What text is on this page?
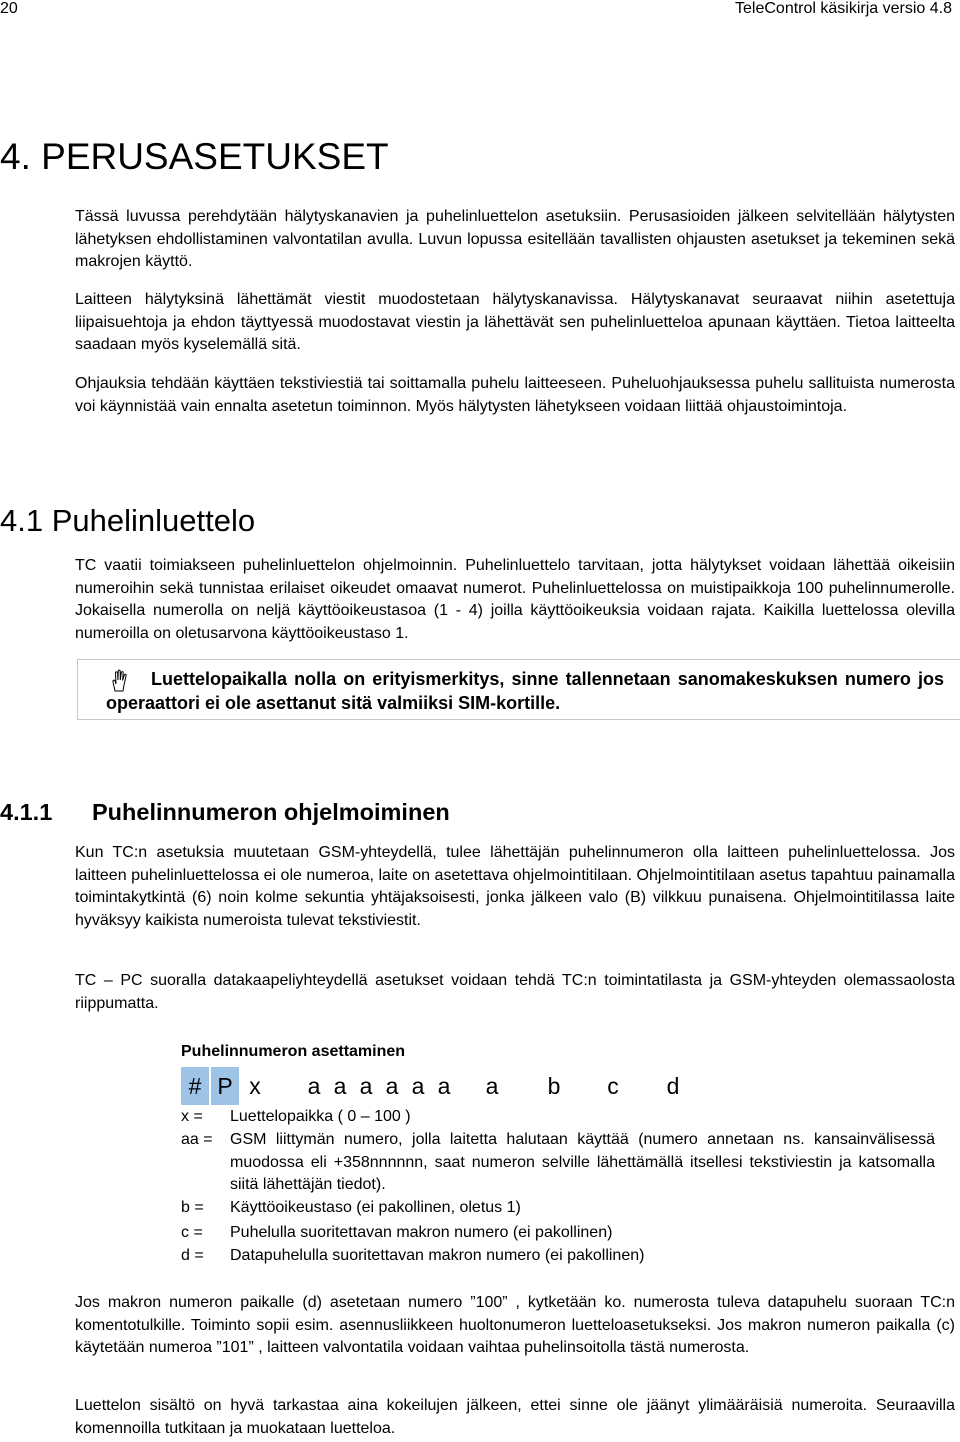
20	TeleControl käsikirja versio 4.8
4. PERUSASETUKSET
Tässä luvussa perehdytään hälytyskanavien ja puhelinluettelon asetuksiin. Perusasioiden jälkeen selvitellään hälytysten lähetyksen ehdollistaminen valvontatilan avulla. Luvun lopussa esitellään tavallisten ohjausten asetukset ja tekeminen sekä makrojen käyttö.
Laitteen hälytyksinä lähettämät viestit muodostetaan hälytyskanavissa. Hälytyskanavat seuraavat niihin asetettuja liipaisuehtoja ja ehdon täyttyessä muodostavat viestin ja lähettävät sen puhelinluetteloa apunaan käyttäen. Tietoa laitteelta saadaan myös kyselemällä sitä.
Ohjauksia tehdään käyttäen tekstiviestiä tai soittamalla puhelu laitteeseen. Puheluohjauksessa puhelu sallituista numerosta voi käynnistää vain ennalta asetetun toiminnon. Myös hälytysten lähetykseen voidaan liittää ohjaustoimintoja.
4.1 Puhelinluettelo
TC vaatii toimiakseen puhelinluettelon ohjelmoinnin. Puhelinluettelo tarvitaan, jotta hälytykset voidaan lähettää oikeisiin numeroihin sekä tunnistaa erilaiset oikeudet omaavat numerot. Puhelinluettelossa on muistipaikkoja 100 puhelinnumerolle. Jokaisella numerolla on neljä käyttöoikeustasoa (1 - 4) joilla käyttöoikeuksia voidaan rajata. Kaikilla luettelossa olevilla numeroilla on oletusarvona käyttöoikeustaso 1.
Luettelopaikalla nolla on erityismerkitys, sinne tallennetaan sanomakeskuksen numero jos operaattori ei ole asettanut sitä valmiiksi SIM-kortille.
4.1.1 Puhelinnumeron ohjelmoiminen
Kun TC:n asetuksia muutetaan GSM-yhteydellä, tulee lähettäjän puhelinnumeron olla laitteen puhelinluettelossa. Jos laitteen puhelinluettelossa ei ole numeroa, laite on asetettava ohjelmointitilaan. Ohjelmointitilaan asetus tapahtuu painamalla toimintakytkintä (6) noin kolme sekuntia yhtäjaksoisesti, jonka jälkeen valo (B) vilkkuu punaisena. Ohjelmointitilassa laite hyväksyy kaikista numeroista tulevat tekstiviestit.
TC – PC suoralla datakaapeliyhteydellä asetukset voidaan tehdä TC:n toimintatilasta ja GSM-yhteyden olemassaolosta riippumatta.
Puhelinnumeron asettaminen
# P x a a a a a a a b c d
x =	Luettelopaikka ( 0 – 100 )
aa =	GSM liittymän numero, jolla laitetta halutaan käyttää (numero annetaan ns. kansainvälisessä muodossa eli +358nnnnnn, saat numeron selville lähettämällä itsellesi tekstiviestin ja katsomalla siitä lähettäjän tiedot).
b =	Käyttöoikeustaso (ei pakollinen, oletus 1)
c =	Puhelulla suoritettavan makron numero (ei pakollinen)
d =	Datapuhelulla suoritettavan makron numero (ei pakollinen)
Jos makron numeron paikalle (d) asetetaan numero ”100” , kytketään ko. numerosta tuleva datapuhelu suoraan TC:n komentotulkille. Toiminto sopii esim. asennusliikkeen huoltonumeron luetteloasetukseksi. Jos makron numeron paikalla (c) käytetään numeroa ”101” , laitteen valvontatila voidaan vaihtaa puhelinsoitolla tästä numerosta.
Luettelon sisältö on hyvä tarkastaa aina kokeilujen jälkeen, ettei sinne ole jäänyt ylimääräisiä numeroita. Seuraavilla komennoilla tutkitaan ja muokataan luetteloa.
